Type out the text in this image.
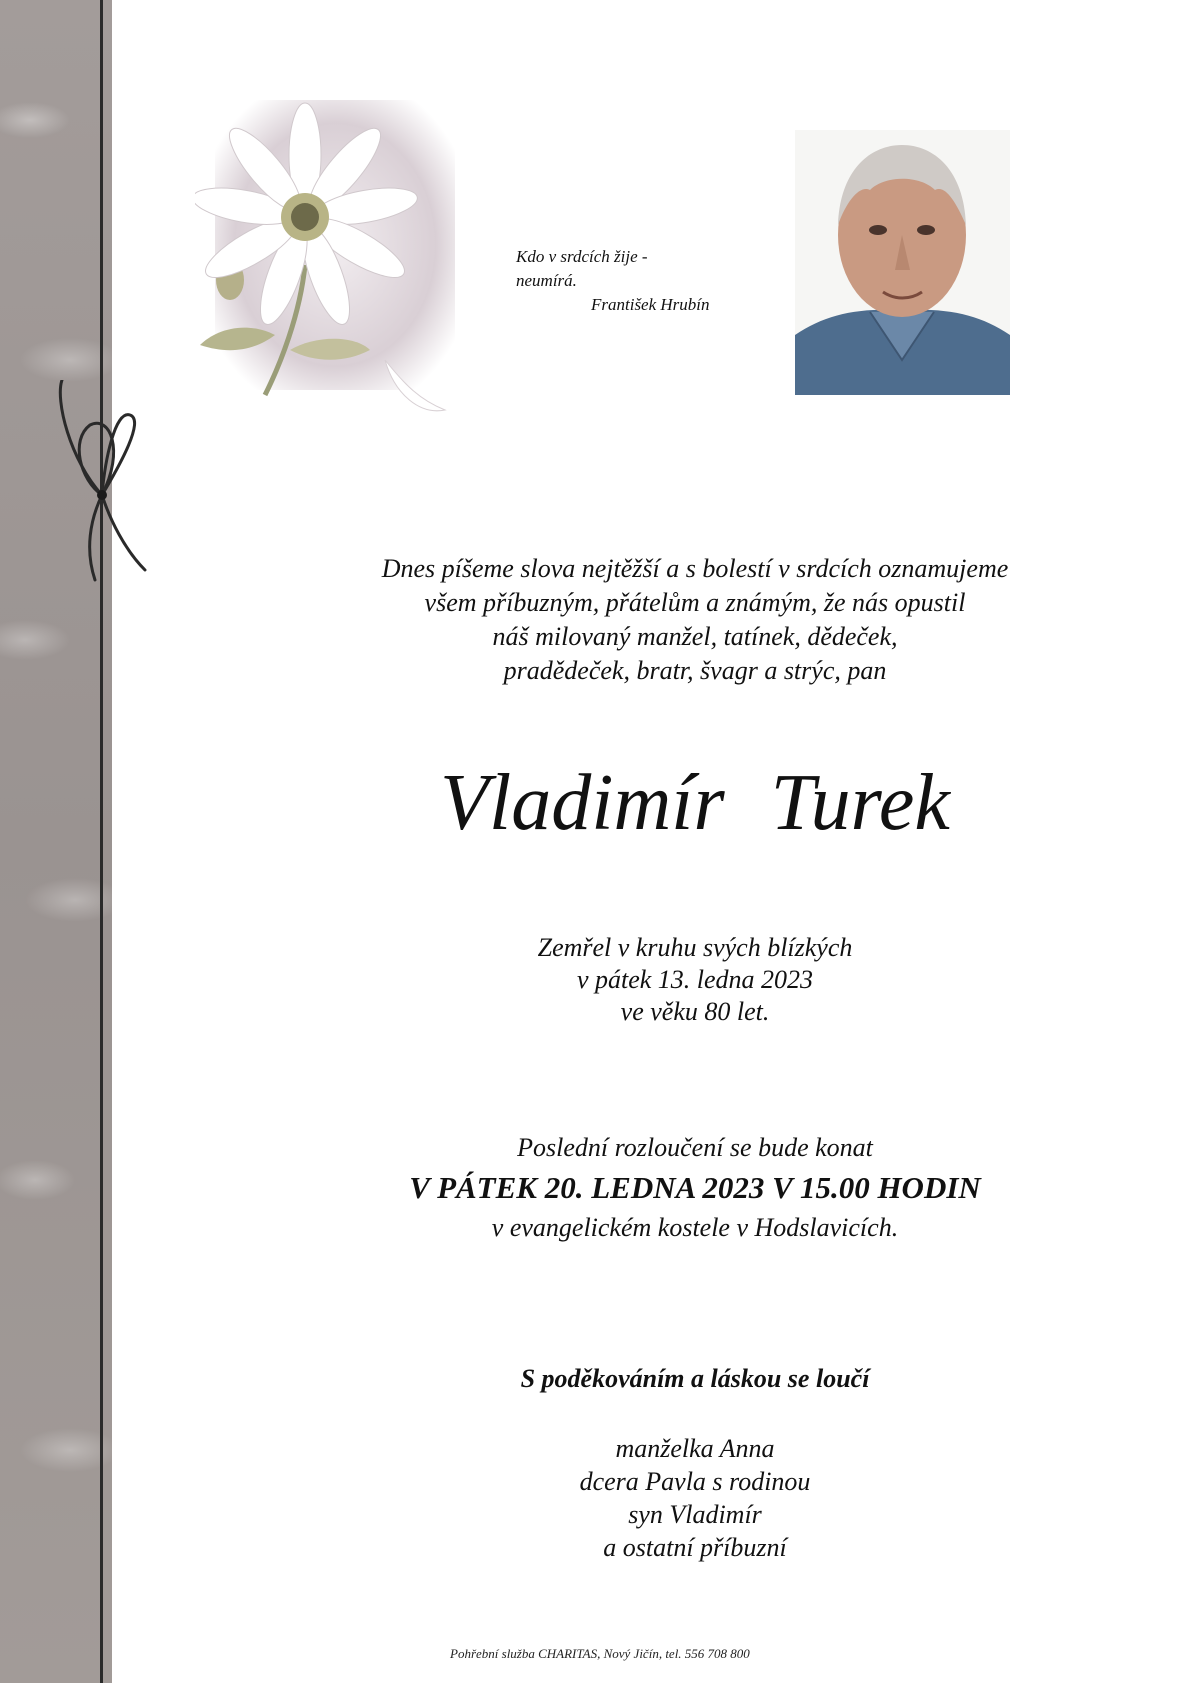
Kdo v srdcích žije -
neumírá.
František Hrubín
Dnes píšeme slova nejtěžší a s bolestí v srdcích oznamujeme
všem příbuzným, přátelům a známým, že nás opustil
náš milovaný manžel, tatínek, dědeček,
pradědeček, bratr, švagr a strýc, pan
Vladimír Turek
Zemřel v kruhu svých blízkých
v pátek 13. ledna 2023
ve věku 80 let.
Poslední rozloučení se bude konat
V PÁTEK 20. LEDNA 2023 V 15.00 HODIN
v evangelickém kostele v Hodslavicích.
S poděkováním a láskou se loučí
manželka Anna
dcera Pavla s rodinou
syn Vladimír
a ostatní příbuzní
Pohřební služba CHARITAS, Nový Jičín, tel. 556 708 800
